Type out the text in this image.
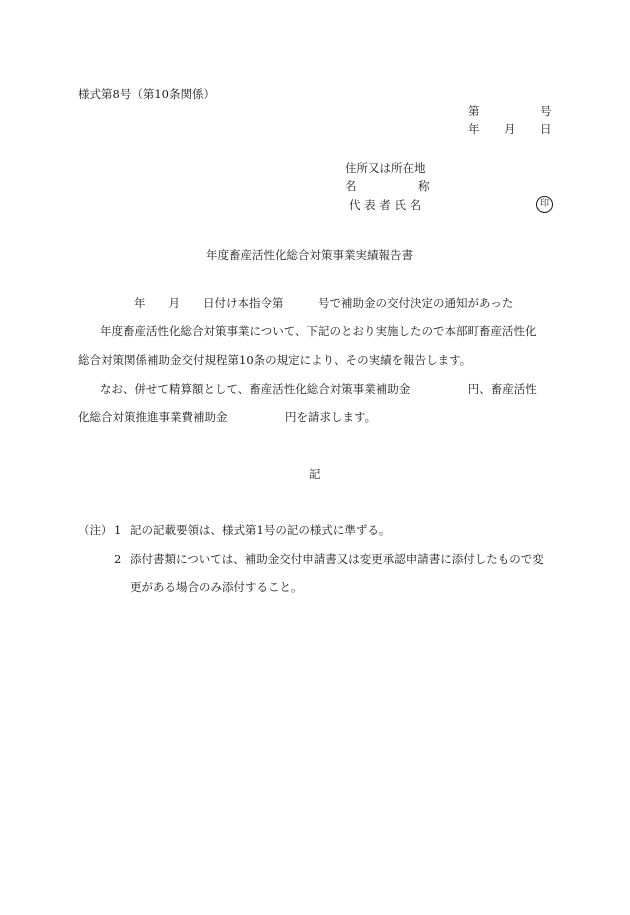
様式第8号（第10条関係）
第	号
年 月 日
住所又は所在地
名	称
代 表 者 氏 名	印
年度畜産活性化総合対策事業実績報告書
年　　月　　日付け本指令第　　　号で補助金の交付決定の通知があった
年度畜産活性化総合対策事業について、下記のとおり実施したので本部町畜産活性化
総合対策関係補助金交付規程第10条の規定により、その実績を報告します。
なお、併せて精算額として、畜産活性化総合対策事業補助金　　　　　円、畜産活性
化総合対策推進事業費補助金　　　　　円を請求します。
記
（注） 1 記の記載要領は、様式第1号の記の様式に準ずる。
2 添付書類については、補助金交付申請書又は変更承認申請書に添付したもので変
更がある場合のみ添付すること。
